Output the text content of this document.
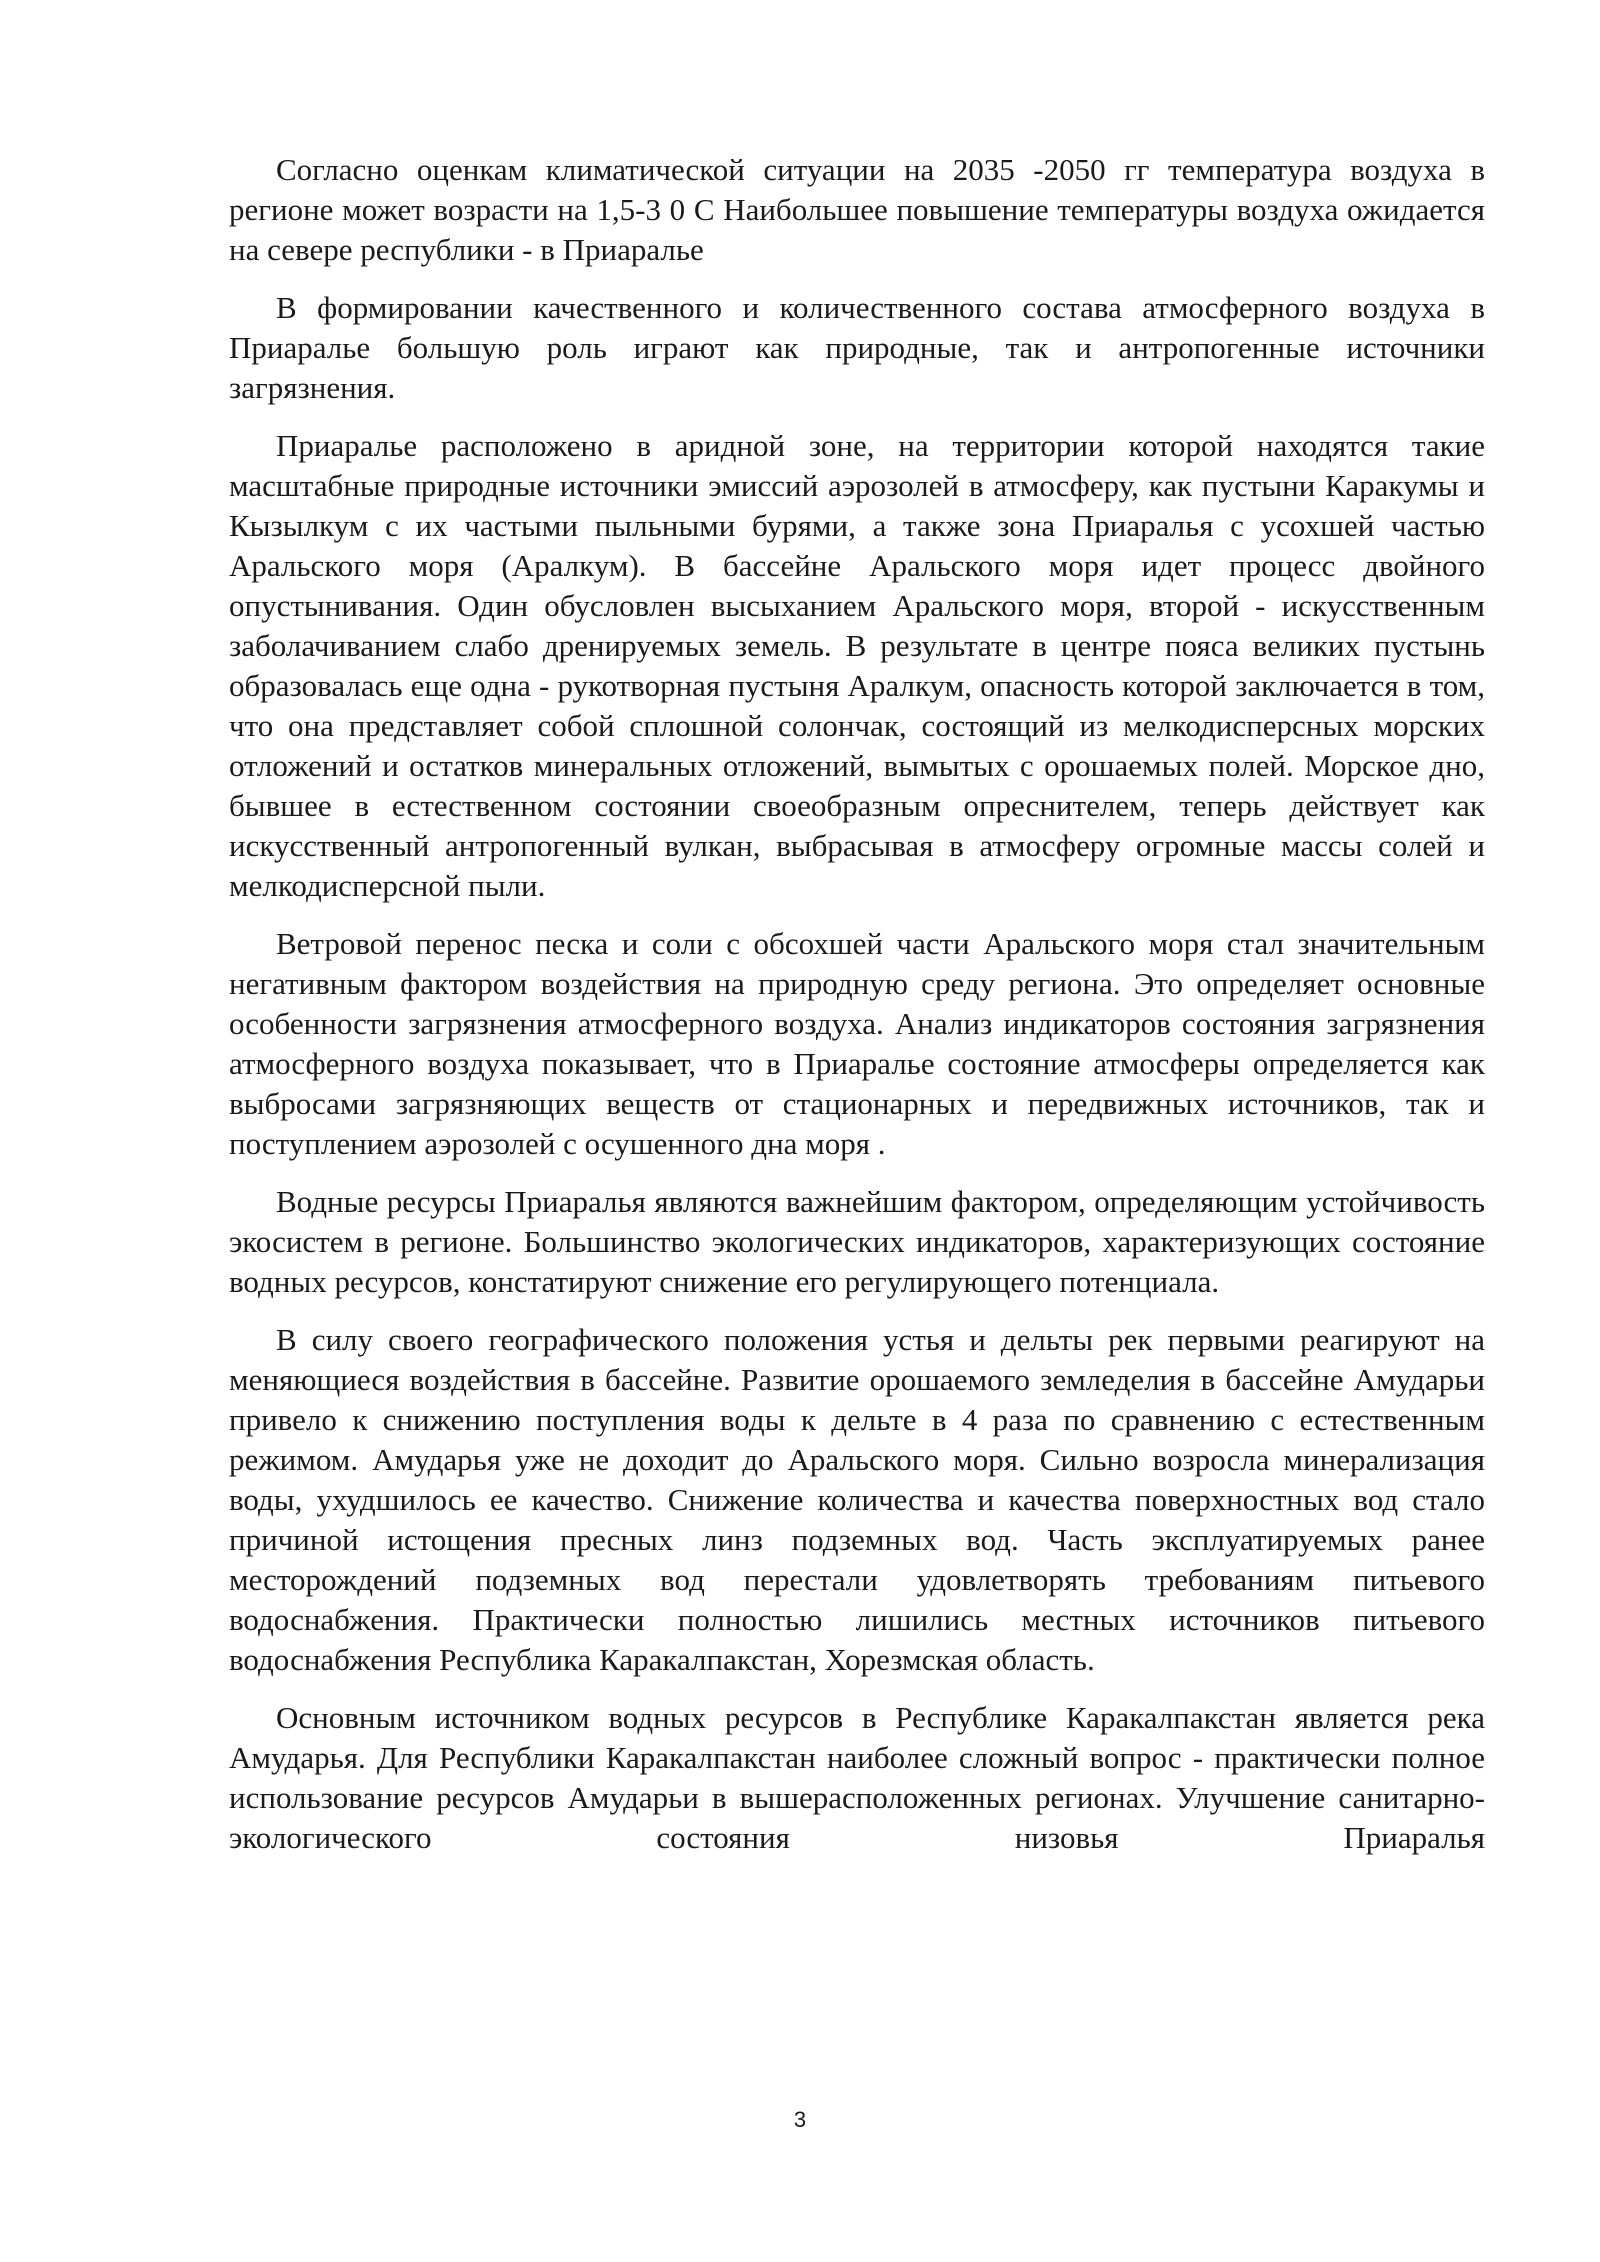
Согласно оценкам климатической ситуации на 2035 -2050 гг температура воздуха в регионе может возрасти на 1,5-3 0 С Наибольшее повышение температуры воздуха ожидается на севере республики - в Приаралье

В формировании качественного и количественного состава атмосферного воздуха в Приаралье большую роль играют как природные, так и антропогенные источники загрязнения.

Приаралье расположено в аридной зоне, на территории которой находятся такие масштабные природные источники эмиссий аэрозолей в атмосферу, как пустыни Каракумы и Кызылкум с их частыми пыльными бурями, а также зона Приаралья с усохшей частью Аральского моря (Аралкум). В бассейне Аральского моря идет процесс двойного опустынивания. Один обусловлен высыханием Аральского моря, второй - искусственным заболачиванием слабо дренируемых земель. В результате в центре пояса великих пустынь образовалась еще одна - рукотворная пустыня Аралкум, опасность которой заключается в том, что она представляет собой сплошной солончак, состоящий из мелкодисперсных морских отложений и остатков минеральных отложений, вымытых с орошаемых полей. Морское дно, бывшее в естественном состоянии своеобразным опреснителем, теперь действует как искусственный антропогенный вулкан, выбрасывая в атмосферу огромные массы солей и мелкодисперсной пыли.

Ветровой перенос песка и соли с обсохшей части Аральского моря стал значительным негативным фактором воздействия на природную среду региона. Это определяет основные особенности загрязнения атмосферного воздуха. Анализ индикаторов состояния загрязнения атмосферного воздуха показывает, что в Приаралье состояние атмосферы определяется как выбросами загрязняющих веществ от стационарных и передвижных источников, так и поступлением аэрозолей с осушенного дна моря .

Водные ресурсы Приаралья являются важнейшим фактором, определяющим устойчивость экосистем в регионе. Большинство экологических индикаторов, характеризующих состояние водных ресурсов, констатируют снижение его регулирующего потенциала.

В силу своего географического положения устья и дельты рек первыми реагируют на меняющиеся воздействия в бассейне. Развитие орошаемого земледелия в бассейне Амударьи привело к снижению поступления воды к дельте в 4 раза по сравнению с естественным режимом. Амударья уже не доходит до Аральского моря. Сильно возросла минерализация воды, ухудшилось ее качество. Снижение количества и качества поверхностных вод стало причиной истощения пресных линз подземных вод. Часть эксплуатируемых ранее месторождений подземных вод перестали удовлетворять требованиям питьевого водоснабжения. Практически полностью лишились местных источников питьевого водоснабжения Республика Каракалпакстан, Хорезмская область.

Основным источником водных ресурсов в Республике Каракалпакстан является река Амударья. Для Республики Каракалпакстан наиболее сложный вопрос - практически полное использование ресурсов Амударьи в вышерасположенных регионах. Улучшение санитарно-экологического состояния низовья Приаралья

3
